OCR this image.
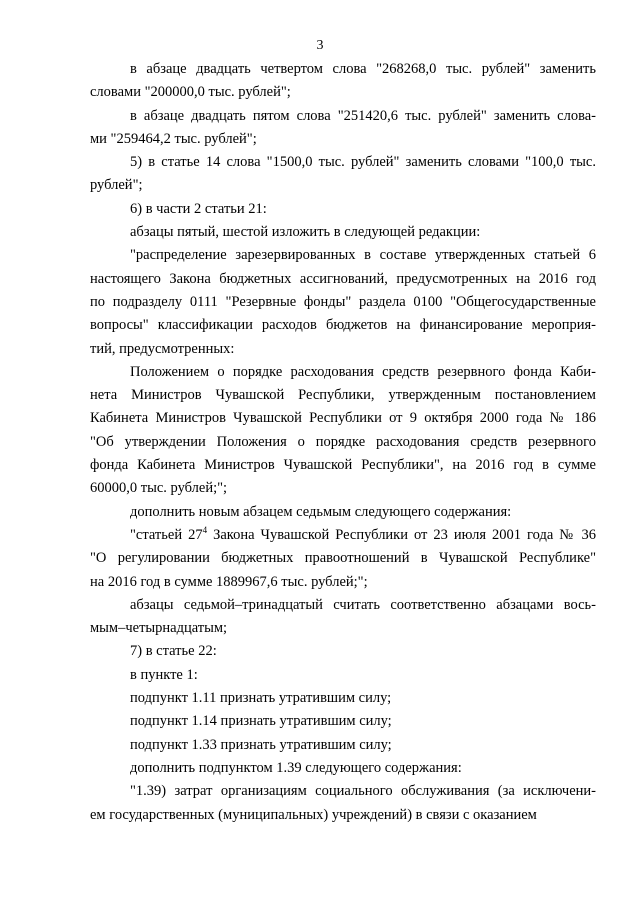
3
в абзаце двадцать четвертом слова "268268,0 тыс. рублей" заменить
словами "200000,0 тыс. рублей";
в абзаце двадцать пятом слова "251420,6 тыс. рублей" заменить слова-
ми "259464,2 тыс. рублей";
5) в статье 14 слова "1500,0 тыс. рублей" заменить словами "100,0 тыс.
рублей";
6) в части 2 статьи 21:
абзацы пятый, шестой изложить в следующей редакции:
"распределение зарезервированных в составе утвержденных статьей 6
настоящего Закона бюджетных ассигнований, предусмотренных на 2016 год
по подразделу 0111 "Резервные фонды" раздела 0100 "Общегосударственные
вопросы" классификации расходов бюджетов на финансирование мероприя-
тий, предусмотренных:
Положением о порядке расходования средств резервного фонда Каби-
нета Министров Чувашской Республики, утвержденным постановлением
Кабинета Министров Чувашской Республики от 9 октября 2000 года № 186
"Об утверждении Положения о порядке расходования средств резервного
фонда Кабинета Министров Чувашской Республики", на 2016 год в сумме
60000,0 тыс. рублей;";
дополнить новым абзацем седьмым следующего содержания:
"статьей $27^4$ Закона Чувашской Республики от 23 июля 2001 года № 36
"О регулировании бюджетных правоотношений в Чувашской Республике"
на 2016 год в сумме 1889967,6 тыс. рублей;";
абзацы седьмой–тринадцатый считать соответственно абзацами вось-
мым–четырнадцатым;
7) в статье 22:
в пункте 1:
подпункт 1.11 признать утратившим силу;
подпункт 1.14 признать утратившим силу;
подпункт 1.33 признать утратившим силу;
дополнить подпунктом 1.39 следующего содержания:
"1.39) затрат организациям социального обслуживания (за исключени-
ем государственных (муниципальных) учреждений) в связи с оказанием
